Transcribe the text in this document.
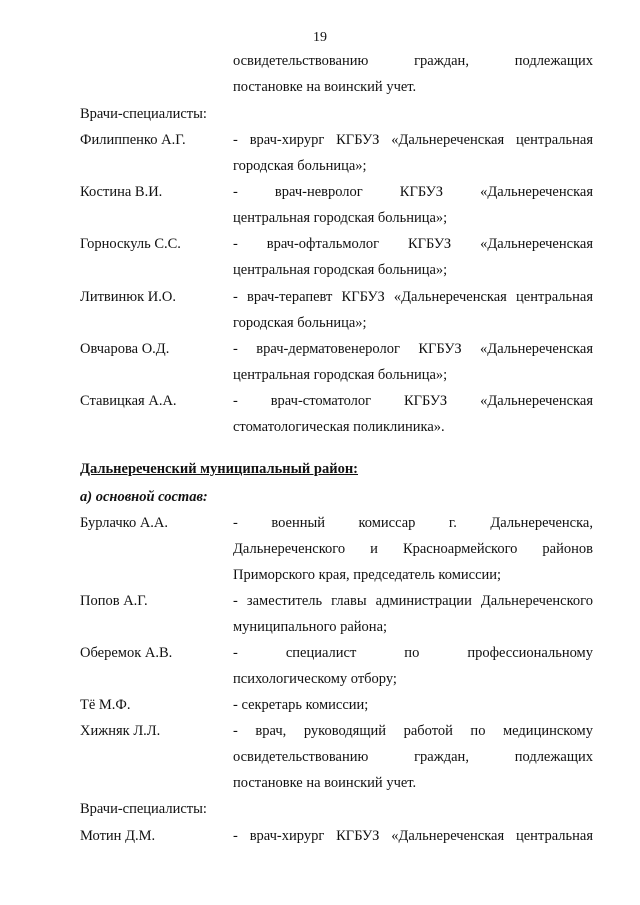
19
освидетельствованию граждан, подлежащих
постановке на воинский учет.
Врачи-специалисты:
Филиппенко А.Г.	- врач-хирург КГБУЗ «Дальнереченская центральная
городская больница»;
Костина В.И.	- врач-невролог КГБУЗ «Дальнереченская
центральная городская больница»;
Горноскуль С.С.	- врач-офтальмолог КГБУЗ «Дальнереченская
центральная городская больница»;
Литвинюк И.О.	- врач-терапевт КГБУЗ «Дальнереченская центральная
городская больница»;
Овчарова О.Д.	- врач-дерматовенеролог КГБУЗ «Дальнереченская
центральная городская больница»;
Ставицкая А.А.	- врач-стоматолог КГБУЗ «Дальнереченская
стоматологическая поликлиника».
Дальнереченский муниципальный район:
а) основной состав:
Бурлачко А.А.	- военный комиссар г. Дальнереченска,
Дальнереченского и Красноармейского районов
Приморского края, председатель комиссии;
Попов А.Г.	- заместитель главы администрации Дальнереченского
муниципального района;
Оберемок А.В.	- специалист по профессиональному
психологическому отбору;
Тё М.Ф.	- секретарь комиссии;
Хижняк Л.Л.	- врач, руководящий работой по медицинскому
освидетельствованию граждан, подлежащих
постановке на воинский учет.
Врачи-специалисты:
Мотин Д.М.	- врач-хирург КГБУЗ «Дальнереченская центральная
